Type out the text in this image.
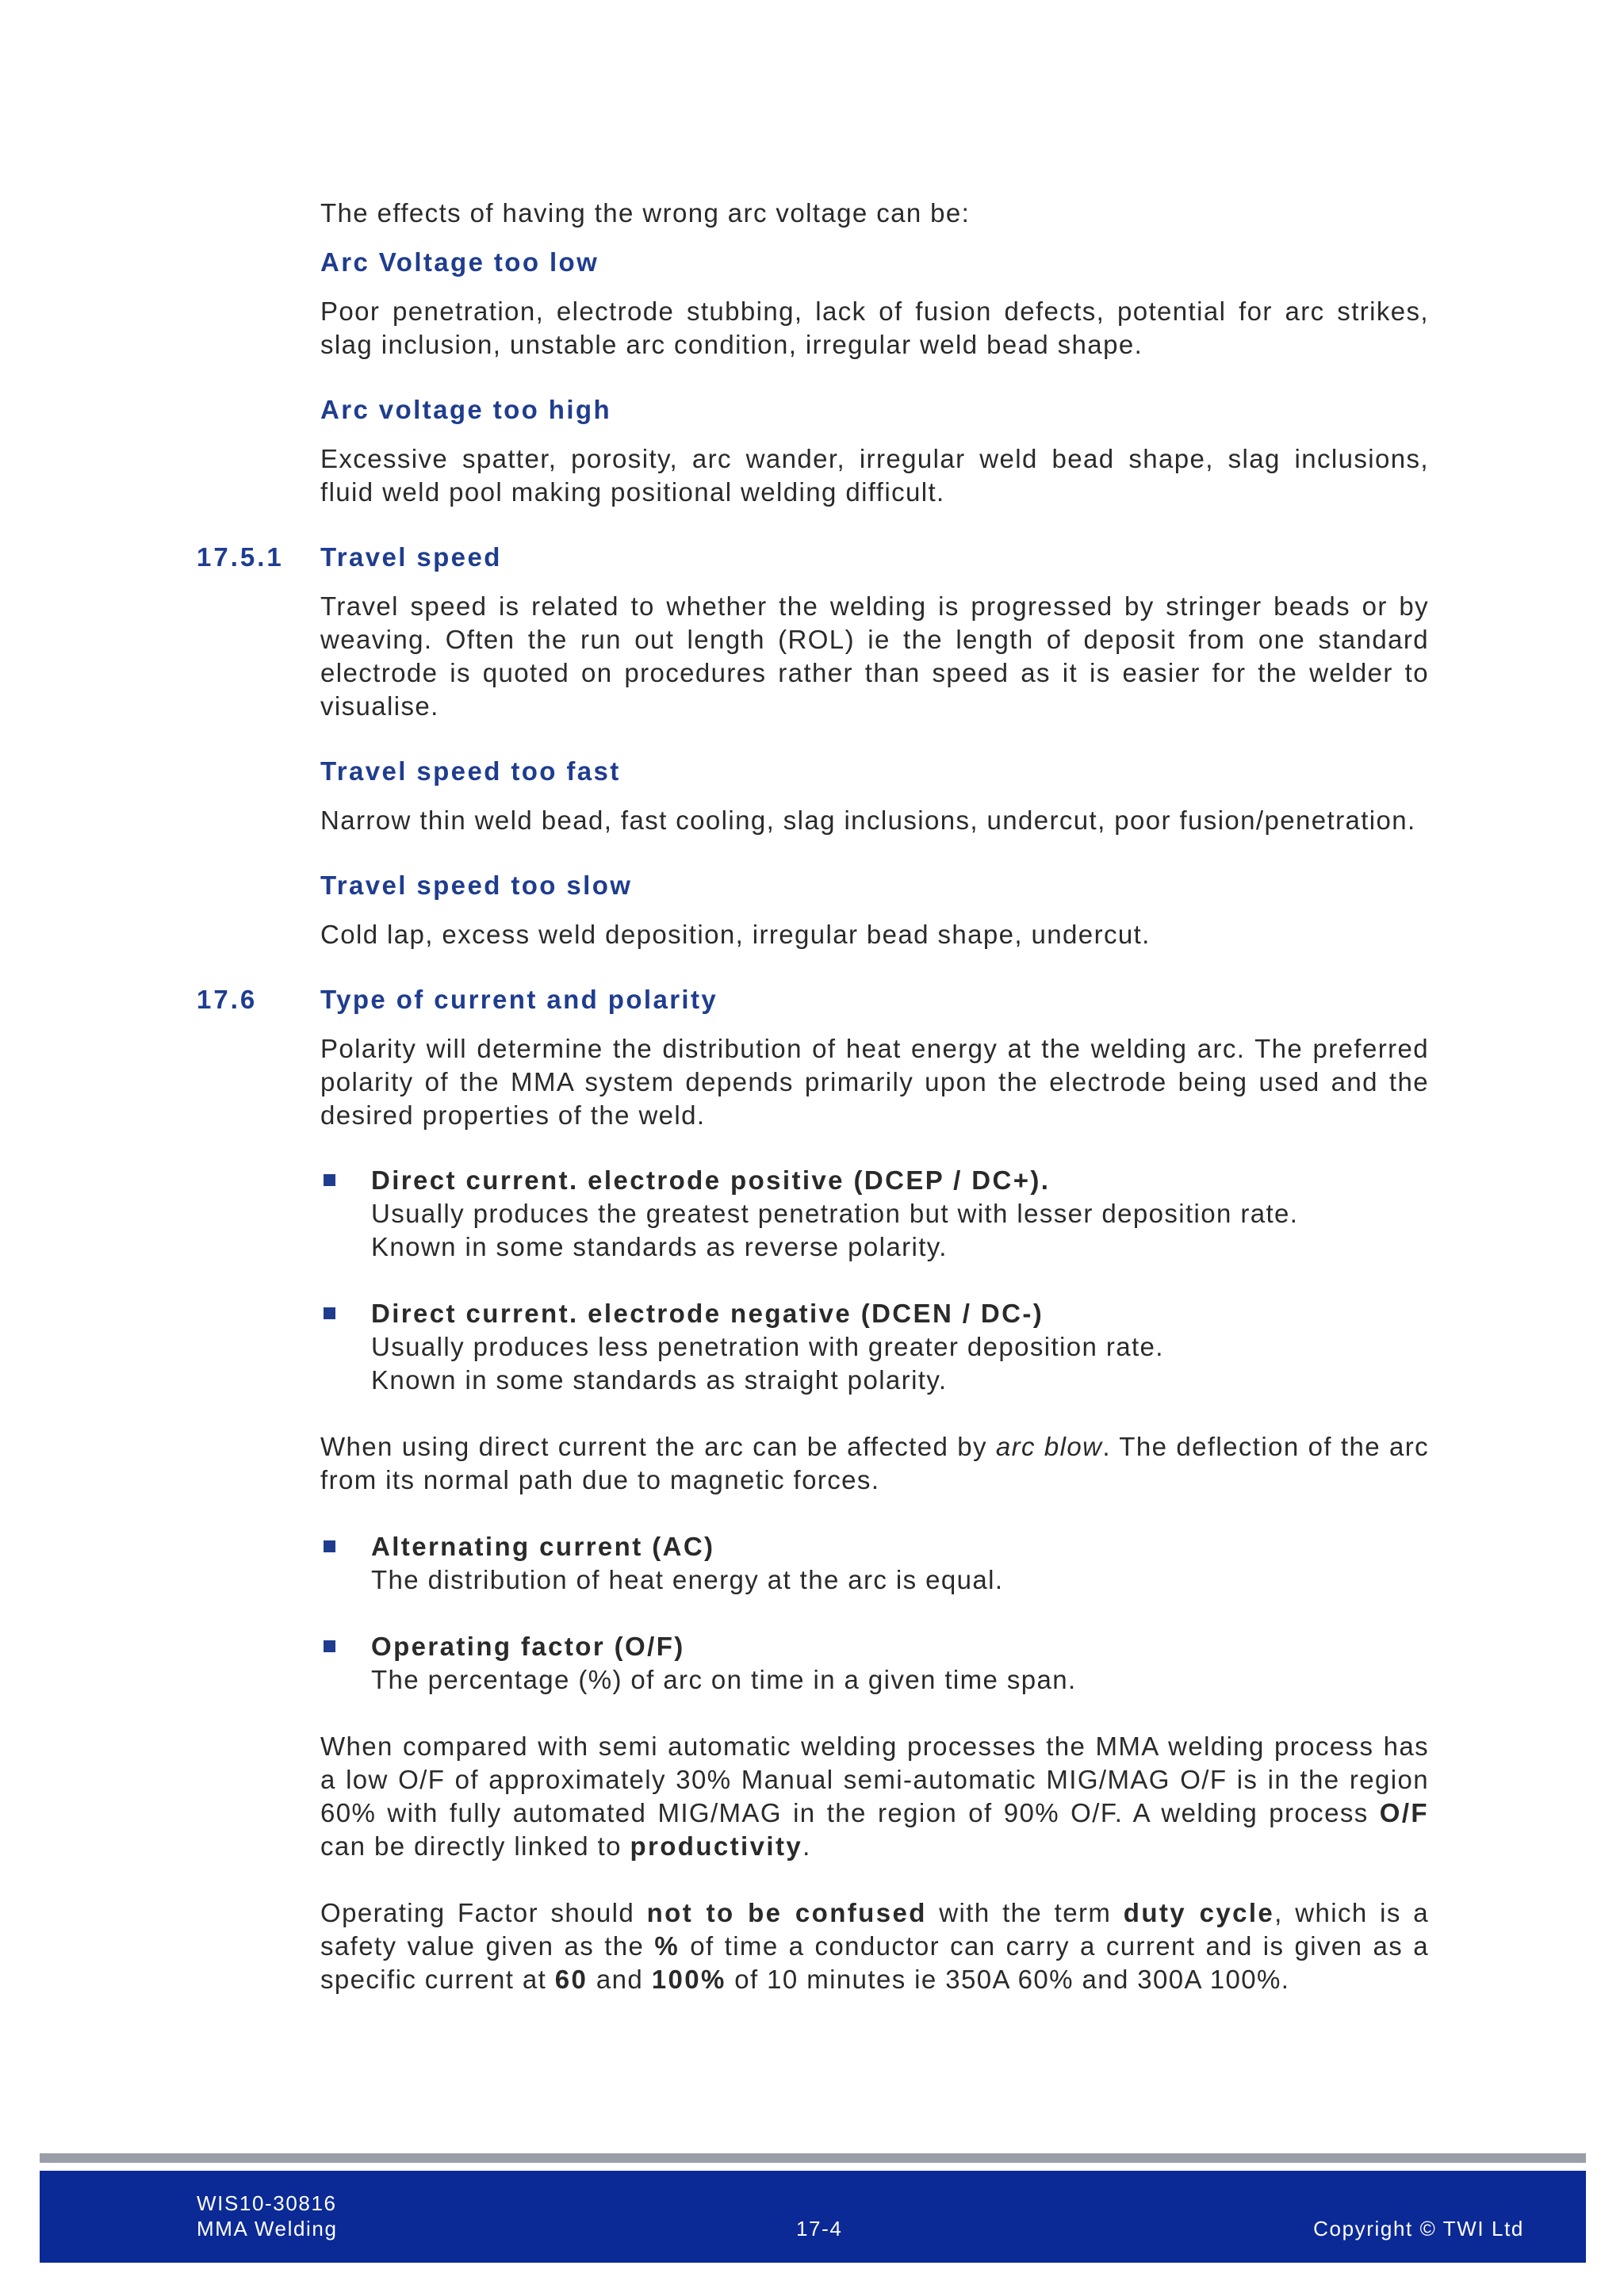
The effects of having the wrong arc voltage can be:

Arc Voltage too low

Poor penetration, electrode stubbing, lack of fusion defects, potential for arc strikes, slag inclusion, unstable arc condition, irregular weld bead shape.

Arc voltage too high

Excessive spatter, porosity, arc wander, irregular weld bead shape, slag inclusions, fluid weld pool making positional welding difficult.

17.5.1 Travel speed

Travel speed is related to whether the welding is progressed by stringer beads or by weaving. Often the run out length (ROL) ie the length of deposit from one standard electrode is quoted on procedures rather than speed as it is easier for the welder to visualise.

Travel speed too fast

Narrow thin weld bead, fast cooling, slag inclusions, undercut, poor fusion/penetration.

Travel speed too slow

Cold lap, excess weld deposition, irregular bead shape, undercut.

17.6 Type of current and polarity

Polarity will determine the distribution of heat energy at the welding arc. The preferred polarity of the MMA system depends primarily upon the electrode being used and the desired properties of the weld.

Direct current. electrode positive (DCEP / DC+).

Usually produces the greatest penetration but with lesser deposition rate.

Known in some standards as reverse polarity.

Direct current. electrode negative (DCEN / DC-)

Usually produces less penetration with greater deposition rate.

Known in some standards as straight polarity.

When using direct current the arc can be affected by arc blow. The deflection of the arc from its normal path due to magnetic forces.

Alternating current (AC)

The distribution of heat energy at the arc is equal.

Operating factor (O/F)

The percentage (%) of arc on time in a given time span.

When compared with semi automatic welding processes the MMA welding process has a low O/F of approximately 30% Manual semi-automatic MIG/MAG O/F is in the region 60% with fully automated MIG/MAG in the region of 90% O/F. A welding process O/F can be directly linked to productivity.

Operating Factor should not to be confused with the term duty cycle, which is a safety value given as the % of time a conductor can carry a current and is given as a specific current at 60 and 100% of 10 minutes ie 350A 60% and 300A 100%.

WIS10-30816
MMA Welding	17-4	Copyright © TWI Ltd
